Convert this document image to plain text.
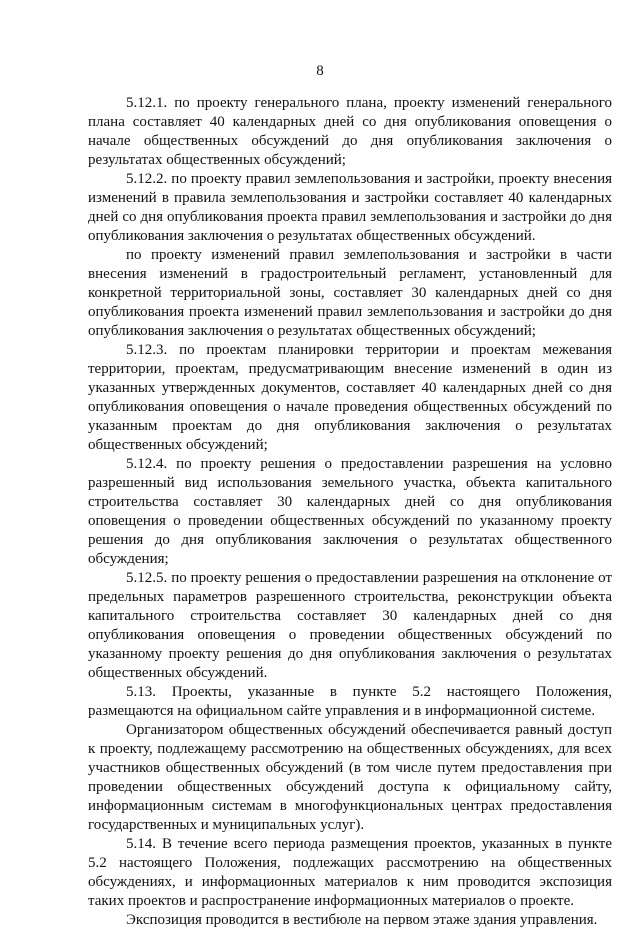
8

5.12.1. по проекту генерального плана, проекту изменений генерального плана составляет 40 календарных дней со дня опубликования оповещения о начале общественных обсуждений до дня опубликования заключения о результатах общественных обсуждений;

5.12.2. по проекту правил землепользования и застройки, проекту внесения изменений в правила землепользования и застройки составляет 40 календарных дней со дня опубликования проекта правил землепользования и застройки до дня опубликования заключения о результатах общественных обсуждений.

по проекту изменений правил землепользования и застройки в части внесения изменений в градостроительный регламент, установленный для конкретной территориальной зоны, составляет 30 календарных дней со дня опубликования проекта изменений правил землепользования и застройки до дня опубликования заключения о результатах общественных обсуждений;

5.12.3. по проектам планировки территории и проектам межевания территории, проектам, предусматривающим внесение изменений в один из указанных утвержденных документов, составляет 40 календарных дней со дня опубликования оповещения о начале проведения общественных обсуждений по указанным проектам до дня опубликования заключения о результатах общественных обсуждений;

5.12.4. по проекту решения о предоставлении разрешения на условно разрешенный вид использования земельного участка, объекта капитального строительства составляет 30 календарных дней со дня опубликования оповещения о проведении общественных обсуждений по указанному проекту решения до дня опубликования заключения о результатах общественного обсуждения;

5.12.5. по проекту решения о предоставлении разрешения на отклонение от предельных параметров разрешенного строительства, реконструкции объекта капитального строительства составляет 30 календарных дней со дня опубликования оповещения о проведении общественных обсуждений по указанному проекту решения до дня опубликования заключения о результатах общественных обсуждений.

5.13. Проекты, указанные в пункте 5.2 настоящего Положения, размещаются на официальном сайте управления и в информационной системе.

Организатором общественных обсуждений обеспечивается равный доступ к проекту, подлежащему рассмотрению на общественных обсуждениях, для всех участников общественных обсуждений (в том числе путем предоставления при проведении общественных обсуждений доступа к официальному сайту, информационным системам в многофункциональных центрах предоставления государственных и муниципальных услуг).

5.14. В течение всего периода размещения проектов, указанных в пункте 5.2 настоящего Положения, подлежащих рассмотрению на общественных обсуждениях, и информационных материалов к ним проводится экспозиция таких проектов и распространение информационных материалов о проекте.

Экспозиция проводится в вестибюле на первом этаже здания управления.
